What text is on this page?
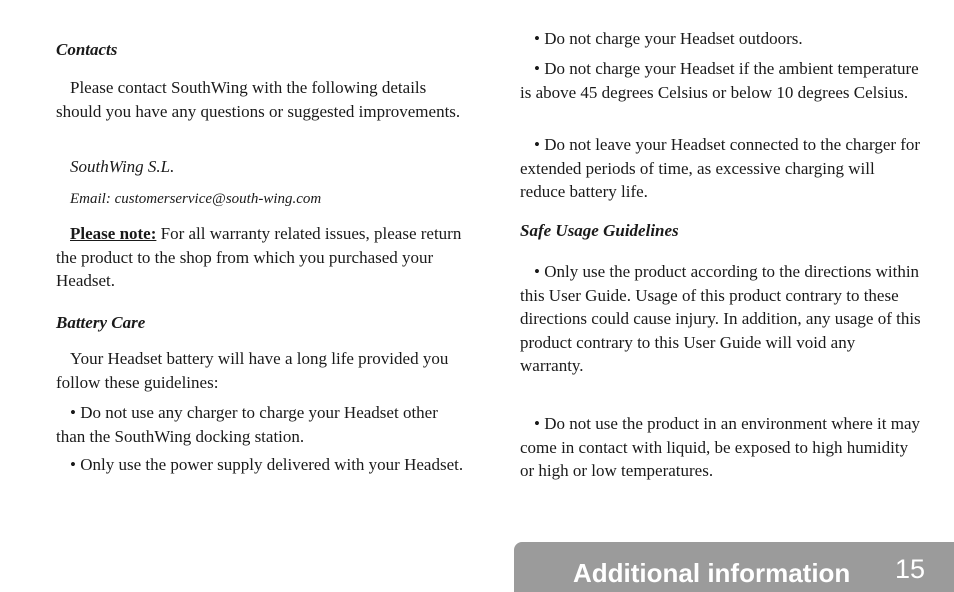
Contacts

Please contact SouthWing with the following details should you have any questions or suggested improvements.

SouthWing S.L.

Email: customerservice@south-wing.com

Please note: For all warranty related issues, please return the product to the shop from which you purchased your Headset.

Battery Care

Your Headset battery will have a long life provided you follow these guidelines:

• Do not use any charger to charge your Headset other than the SouthWing docking station.

• Only use the power supply delivered with your Headset.

• Do not charge your Headset outdoors.

• Do not charge your Headset if the ambient temperature is above 45 degrees Celsius or below 10 degrees Celsius.

• Do not leave your Headset connected to the charger for extended periods of time, as excessive charging will reduce battery life.

Safe Usage Guidelines

• Only use the product according to the directions within this User Guide. Usage of this product contrary to these directions could cause injury. In addition, any usage of this product contrary to this User Guide will void any warranty.

• Do not use the product in an environment where it may come in contact with liquid, be exposed to high humidity or high or low temperatures.

Additional information 15
